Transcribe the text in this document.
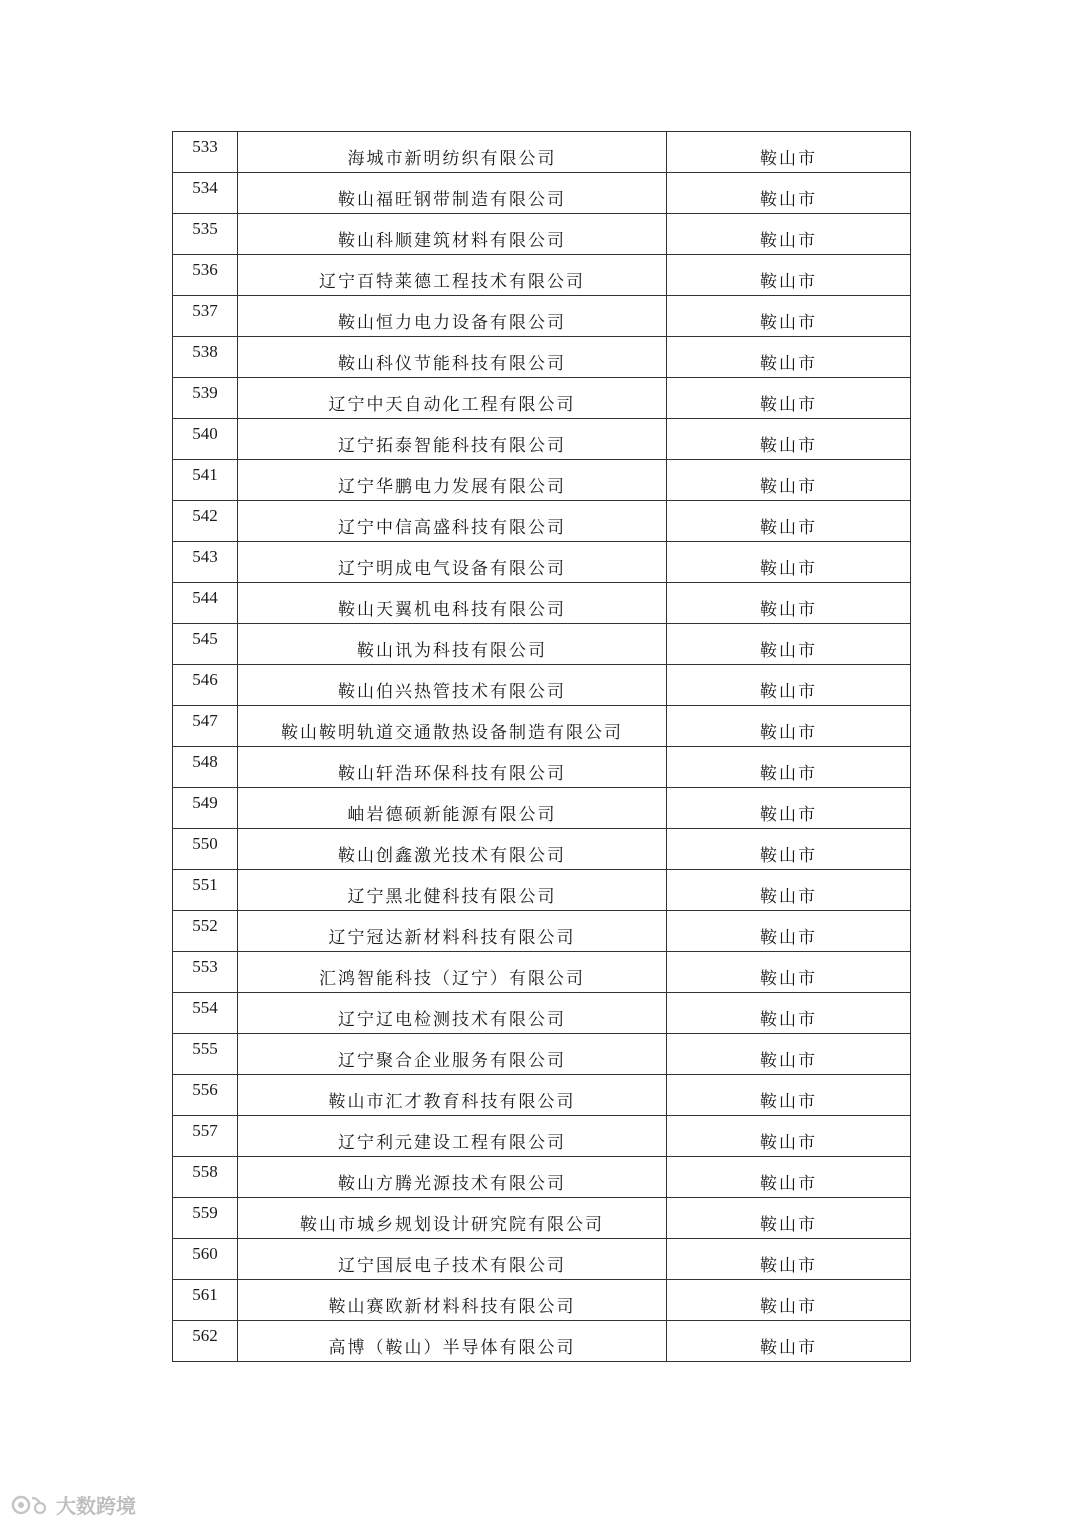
533	海城市新明纺织有限公司	鞍山市
534	鞍山福旺钢带制造有限公司	鞍山市
535	鞍山科顺建筑材料有限公司	鞍山市
536	辽宁百特莱德工程技术有限公司	鞍山市
537	鞍山恒力电力设备有限公司	鞍山市
538	鞍山科仪节能科技有限公司	鞍山市
539	辽宁中天自动化工程有限公司	鞍山市
540	辽宁拓泰智能科技有限公司	鞍山市
541	辽宁华鹏电力发展有限公司	鞍山市
542	辽宁中信高盛科技有限公司	鞍山市
543	辽宁明成电气设备有限公司	鞍山市
544	鞍山天翼机电科技有限公司	鞍山市
545	鞍山讯为科技有限公司	鞍山市
546	鞍山伯兴热管技术有限公司	鞍山市
547	鞍山鞍明轨道交通散热设备制造有限公司	鞍山市
548	鞍山轩浩环保科技有限公司	鞍山市
549	岫岩德硕新能源有限公司	鞍山市
550	鞍山创鑫激光技术有限公司	鞍山市
551	辽宁黑北健科技有限公司	鞍山市
552	辽宁冠达新材料科技有限公司	鞍山市
553	汇鸿智能科技（辽宁）有限公司	鞍山市
554	辽宁辽电检测技术有限公司	鞍山市
555	辽宁聚合企业服务有限公司	鞍山市
556	鞍山市汇才教育科技有限公司	鞍山市
557	辽宁利元建设工程有限公司	鞍山市
558	鞍山方腾光源技术有限公司	鞍山市
559	鞍山市城乡规划设计研究院有限公司	鞍山市
560	辽宁国辰电子技术有限公司	鞍山市
561	鞍山赛欧新材料科技有限公司	鞍山市
562	高博（鞍山）半导体有限公司	鞍山市
大数跨境
